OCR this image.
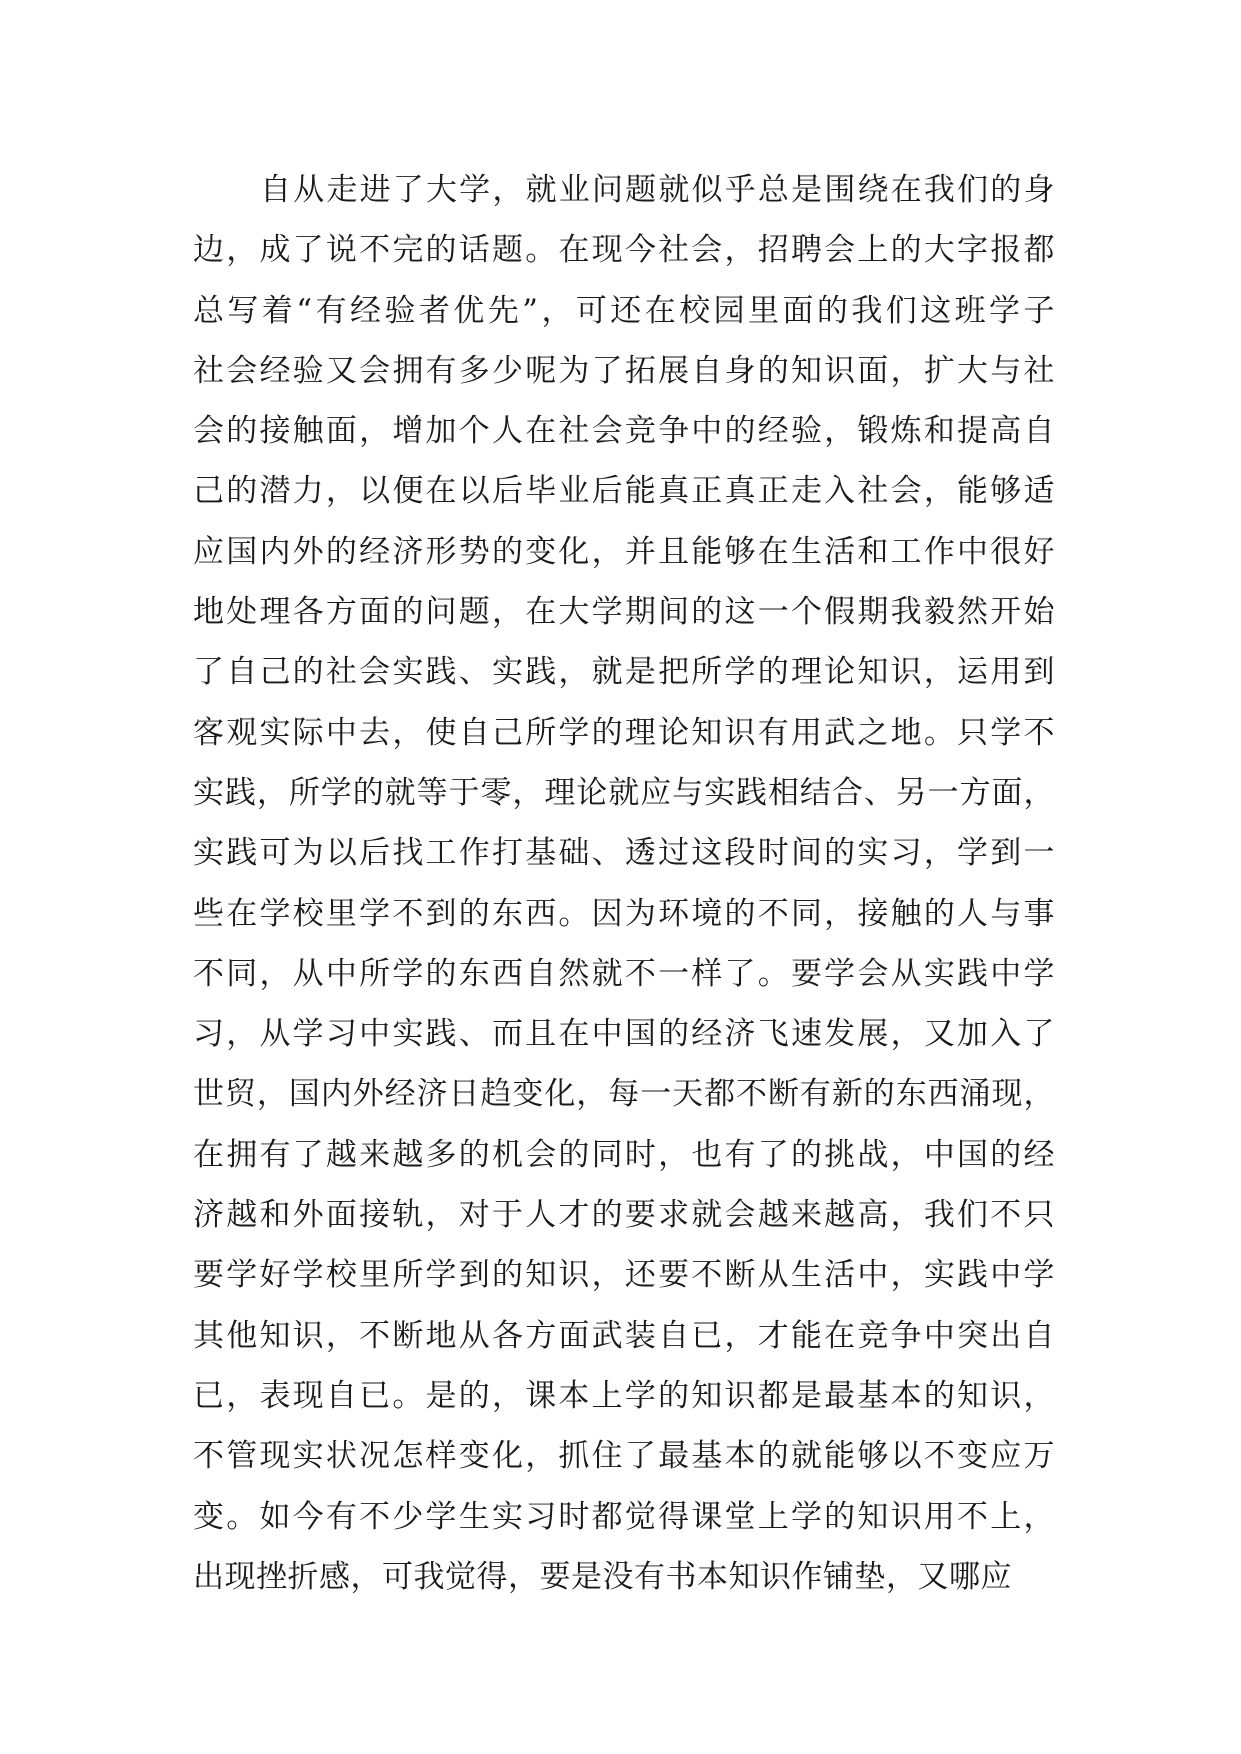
自从走进了大学，就业问题就似乎总是围绕在我们的身
边，成了说不完的话题。在现今社会，招聘会上的大字报都
总写着“有经验者优先”，可还在校园里面的我们这班学子
社会经验又会拥有多少呢为了拓展自身的知识面，扩大与社
会的接触面，增加个人在社会竞争中的经验，锻炼和提高自
己的潜力，以便在以后毕业后能真正真正走入社会，能够适
应国内外的经济形势的变化，并且能够在生活和工作中很好
地处理各方面的问题，在大学期间的这一个假期我毅然开始
了自己的社会实践、实践，就是把所学的理论知识，运用到
客观实际中去，使自己所学的理论知识有用武之地。只学不
实践，所学的就等于零，理论就应与实践相结合、另一方面，
实践可为以后找工作打基础、透过这段时间的实习，学到一
些在学校里学不到的东西。因为环境的不同，接触的人与事
不同，从中所学的东西自然就不一样了。要学会从实践中学
习，从学习中实践、而且在中国的经济飞速发展，又加入了
世贸，国内外经济日趋变化，每一天都不断有新的东西涌现，
在拥有了越来越多的机会的同时，也有了的挑战，中国的经
济越和外面接轨，对于人才的要求就会越来越高，我们不只
要学好学校里所学到的知识，还要不断从生活中，实践中学
其他知识，不断地从各方面武装自已，才能在竞争中突出自
已，表现自已。是的，课本上学的知识都是最基本的知识，
不管现实状况怎样变化，抓住了最基本的就能够以不变应万
变。如今有不少学生实习时都觉得课堂上学的知识用不上，
出现挫折感，可我觉得，要是没有书本知识作铺垫，又哪应
